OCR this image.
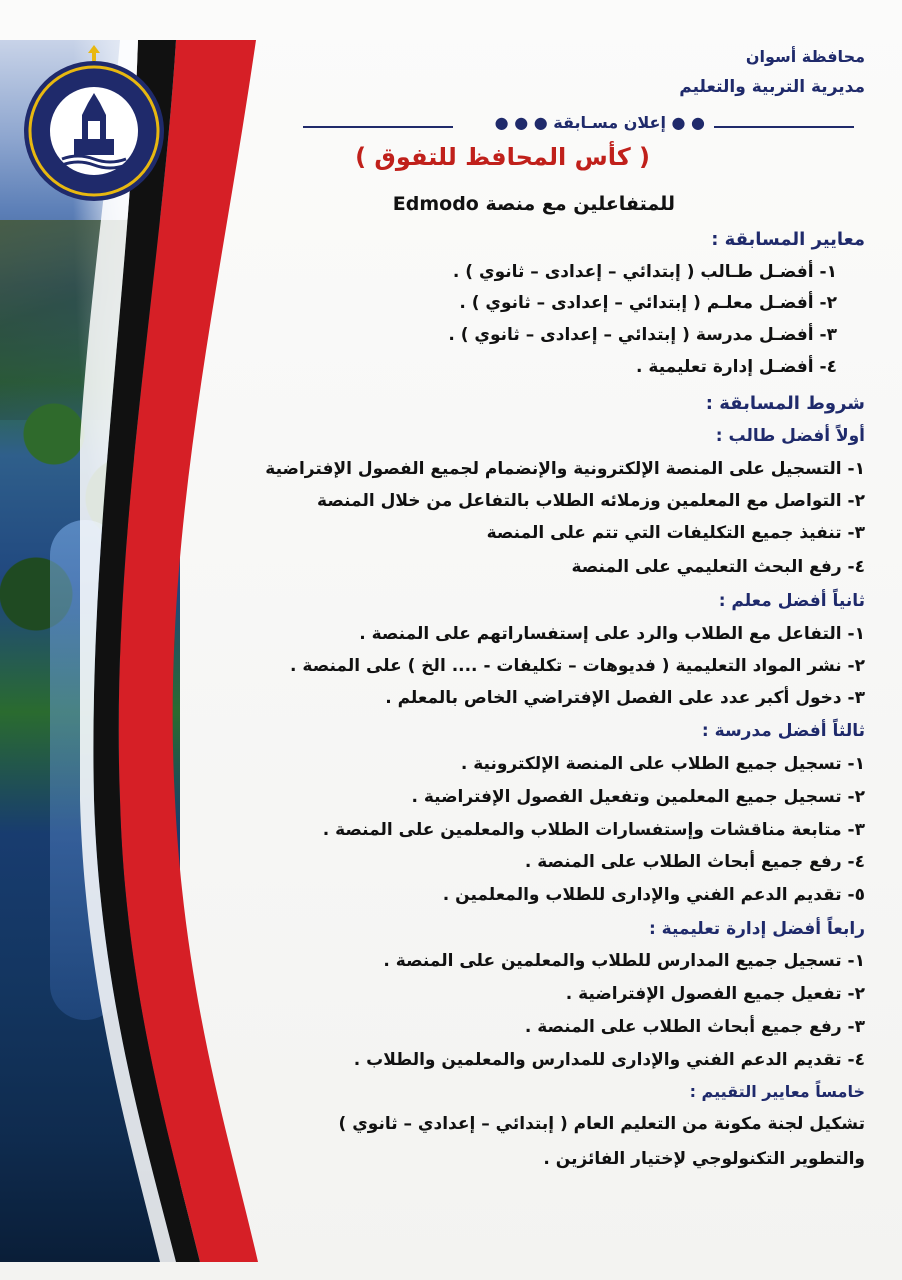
محافظة أسوان
مديرية التربية والتعليم
● ● إعلان مسـابقة ● ● ●
( كأس المحافظ للتفوق )
للمتفاعلين مع منصة Edmodo
معايير المسابقة :
١- أفضـل طـالب ( إبتدائي – إعدادى – ثانوي ) .
٢- أفضـل معلـم ( إبتدائي – إعدادى – ثانوي ) .
٣- أفضـل مدرسة ( إبتدائي – إعدادى – ثانوي ) .
٤- أفضـل إدارة تعليمية .
شروط المسابقة :
أولاً أفضل طالب :
١- التسجيل على المنصة الإلكترونية والإنضمام لجميع الفصول الإفتراضية
٢- التواصل مع المعلمين وزملائه الطلاب بالتفاعل من خلال المنصة
٣- تنفيذ جميع التكليفات التي تتم على المنصة
٤- رفع البحث التعليمي على المنصة
ثانياً أفضل معلم :
١- التفاعل مع الطلاب والرد على إستفساراتهم على المنصة .
٢- نشر المواد التعليمية ( فديوهات – تكليفات - .... الخ ) على المنصة .
٣- دخول أكبر عدد على الفصل الإفتراضي الخاص بالمعلم .
ثالثاً أفضل مدرسة :
١- تسجيل جميع الطلاب على المنصة الإلكترونية .
٢- تسجيل جميع المعلمين وتفعيل الفصول الإفتراضية .
٣- متابعة مناقشات وإستفسارات الطلاب والمعلمين على المنصة .
٤- رفع جميع أبحاث الطلاب على المنصة .
٥- تقديم الدعم الفني والإدارى للطلاب والمعلمين .
رابعاً أفضل إدارة تعليمية :
١- تسجيل جميع المدارس للطلاب والمعلمين على المنصة .
٢- تفعيل جميع الفصول الإفتراضية .
٣- رفع جميع أبحاث الطلاب على المنصة .
٤- تقديم الدعم الفني والإدارى للمدارس والمعلمين والطلاب .
خامساً معايير التقييم :
تشكيل لجنة مكونة من التعليم العام ( إبتدائي – إعدادي – ثانوي )
والتطوير التكنولوجي لإختيار الفائزين .
